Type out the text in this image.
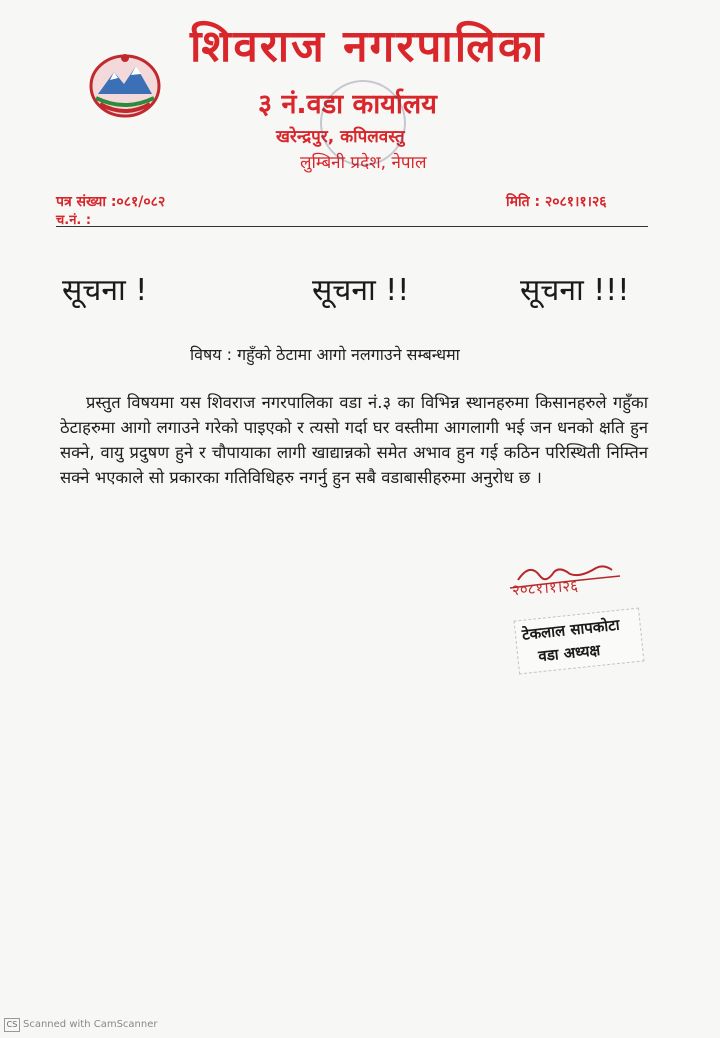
शिवराज नगरपालिका
३ नं.वडा कार्यालय
खरेन्द्रपुर, कपिलवस्तु
लुम्बिनी प्रदेश, नेपाल
पत्र संख्या :०८१/०८२	मिति : २०८१।१।२६
च.नं. :
सूचना !	सूचना !!	सूचना !!!
विषय : गहुँको ठेटामा आगो नलगाउने सम्बन्धमा
प्रस्तुत विषयमा यस शिवराज नगरपालिका वडा नं.३ का विभिन्न स्थानहरुमा किसानहरुले गहुँका ठेटाहरुमा आगो लगाउने गरेको पाइएको र त्यसो गर्दा घर वस्तीमा आगलागी भई जन धनको क्षति हुन सक्ने, वायु प्रदुषण हुने र चौपायाका लागी खाद्यान्नको समेत अभाव हुन गई कठिन परिस्थिती निम्तिन सक्ने भएकाले सो प्रकारका गतिविधिहरु नगर्नु हुन सबै वडाबासीहरुमा अनुरोध छ ।
२०८१।१।२६
टेकलाल सापकोटा
वडा अध्यक्ष
CS Scanned with CamScanner
